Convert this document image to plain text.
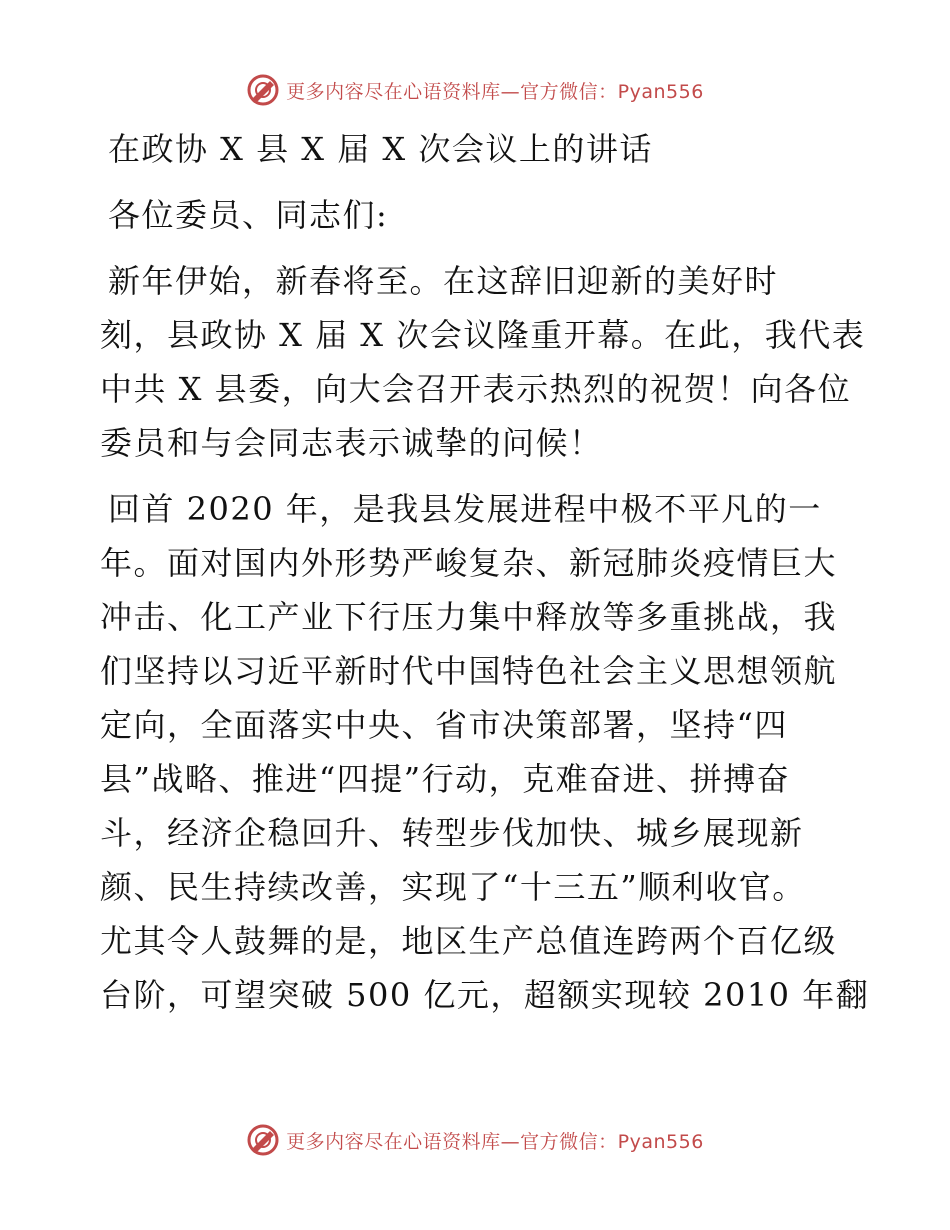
更多内容尽在心语资料库—官方微信：Pyan556
在政协 X 县 X 届 X 次会议上的讲话
各位委员、同志们:
新年伊始，新春将至。在这辞旧迎新的美好时
刻，县政协 X 届 X 次会议隆重开幕。在此，我代表
中共 X 县委，向大会召开表示热烈的祝贺！向各位
委员和与会同志表示诚挚的问候！
回首 2020 年，是我县发展进程中极不平凡的一
年。面对国内外形势严峻复杂、新冠肺炎疫情巨大
冲击、化工产业下行压力集中释放等多重挑战，我
们坚持以习近平新时代中国特色社会主义思想领航
定向，全面落实中央、省市决策部署，坚持“四
县”战略、推进“四提”行动，克难奋进、拼搏奋
斗，经济企稳回升、转型步伐加快、城乡展现新
颜、民生持续改善，实现了“十三五”顺利收官。
尤其令人鼓舞的是，地区生产总值连跨两个百亿级
台阶，可望突破 500 亿元，超额实现较 2010 年翻
更多内容尽在心语资料库—官方微信：Pyan556
